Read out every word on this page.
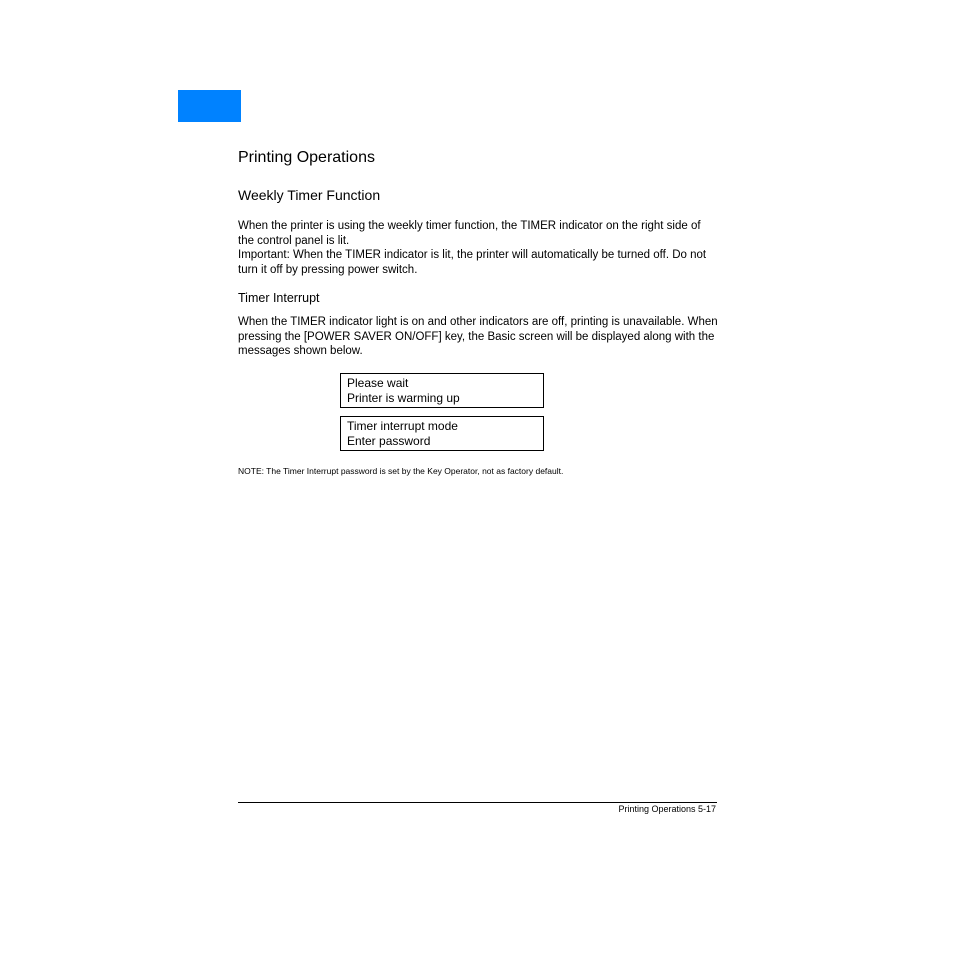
Printing Operations
Weekly Timer Function

When the printer is using the weekly timer function, the TIMER indicator on the right side of the control panel is lit.

Important: When the TIMER indicator is lit, the printer will automatically be turned off. Do not turn it off by pressing power switch.

Timer Interrupt

When the TIMER indicator light is on and other indicators are off, printing is unavailable. When pressing the [POWER SAVER ON/OFF] key, the Basic screen will be displayed along with the messages shown below.

Please wait
Printer is warming up
Timer interrupt mode
Enter password
NOTE: The Timer Interrupt password is set by the Key Operator, not as factory default.
Printing Operations 5-17
